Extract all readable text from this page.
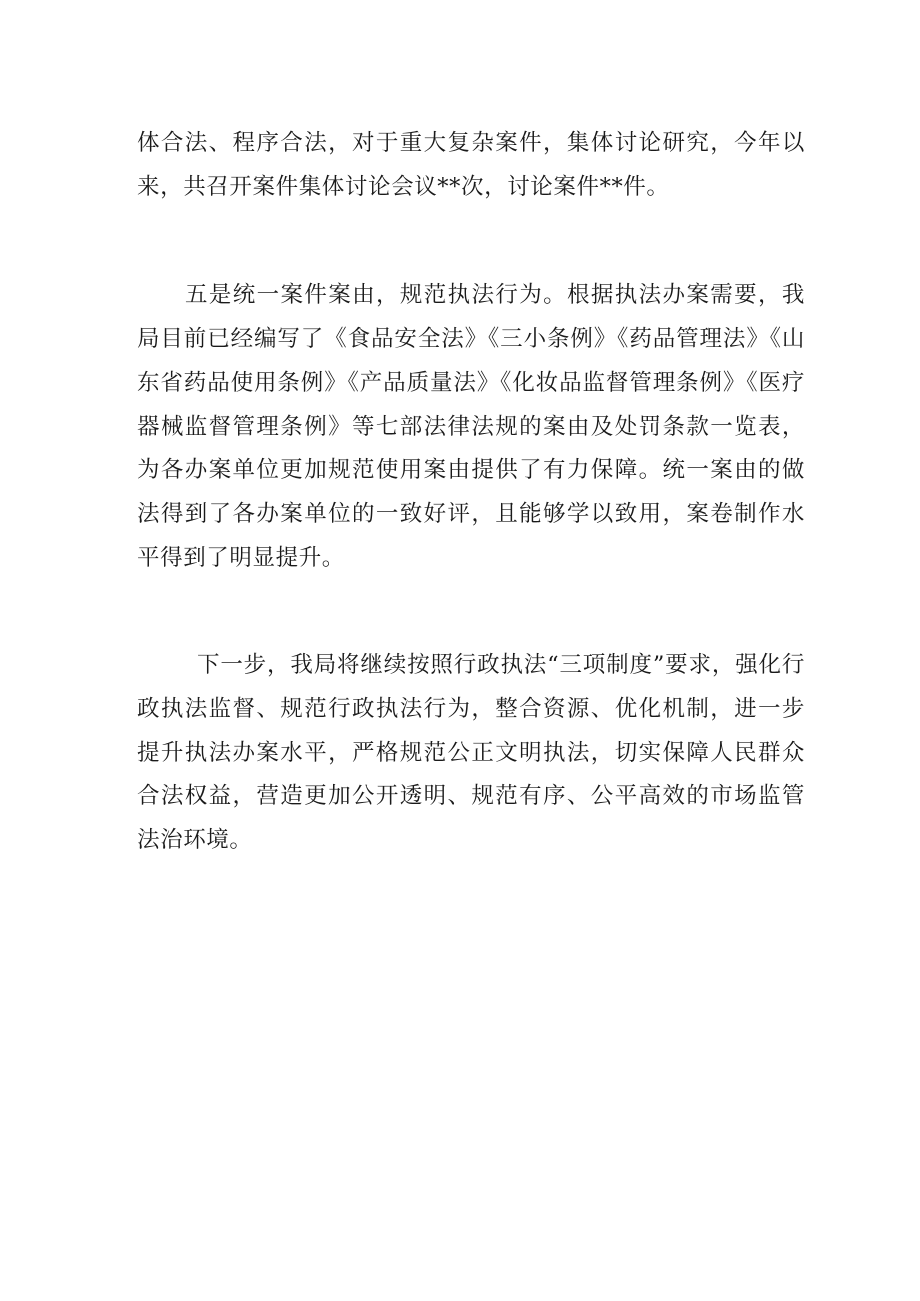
体合法、程序合法，对于重大复杂案件，集体讨论研究，今年以来，共召开案件集体讨论会议**次，讨论案件**件。

五是统一案件案由，规范执法行为。根据执法办案需要，我局目前已经编写了《食品安全法》《三小条例》《药品管理法》《山东省药品使用条例》《产品质量法》《化妆品监督管理条例》《医疗器械监督管理条例》等七部法律法规的案由及处罚条款一览表，为各办案单位更加规范使用案由提供了有力保障。统一案由的做法得到了各办案单位的一致好评，且能够学以致用，案卷制作水平得到了明显提升。

下一步，我局将继续按照行政执法“三项制度”要求，强化行政执法监督、规范行政执法行为，整合资源、优化机制，进一步提升执法办案水平，严格规范公正文明执法，切实保障人民群众合法权益，营造更加公开透明、规范有序、公平高效的市场监管法治环境。
